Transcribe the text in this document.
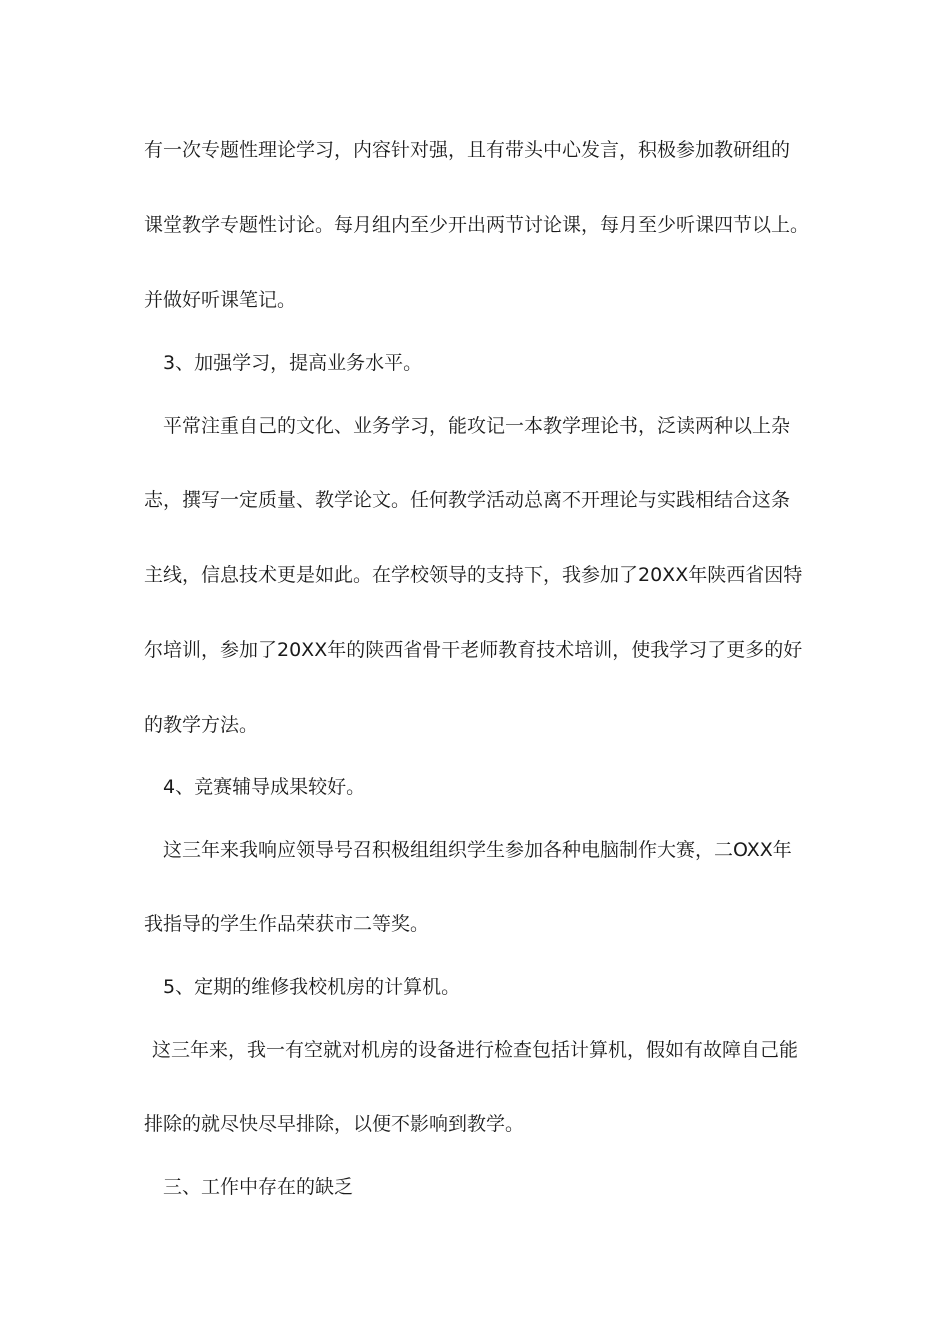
有一次专题性理论学习，内容针对强，且有带头中心发言，积极参加教研组的
课堂教学专题性讨论。每月组内至少开出两节讨论课，每月至少听课四节以上。
并做好听课笔记。
3、加强学习，提高业务水平。
平常注重自己的文化、业务学习，能攻记一本教学理论书，泛读两种以上杂
志，撰写一定质量、教学论文。任何教学活动总离不开理论与实践相结合这条
主线，信息技术更是如此。在学校领导的支持下，我参加了20XX年陕西省因特
尔培训，参加了20XX年的陕西省骨干老师教育技术培训，使我学习了更多的好
的教学方法。
4、竞赛辅导成果较好。
这三年来我响应领导号召积极组组织学生参加各种电脑制作大赛，二OXX年
我指导的学生作品荣获市二等奖。
5、定期的维修我校机房的计算机。
这三年来，我一有空就对机房的设备进行检查包括计算机，假如有故障自己能
排除的就尽快尽早排除，以便不影响到教学。
三、工作中存在的缺乏
